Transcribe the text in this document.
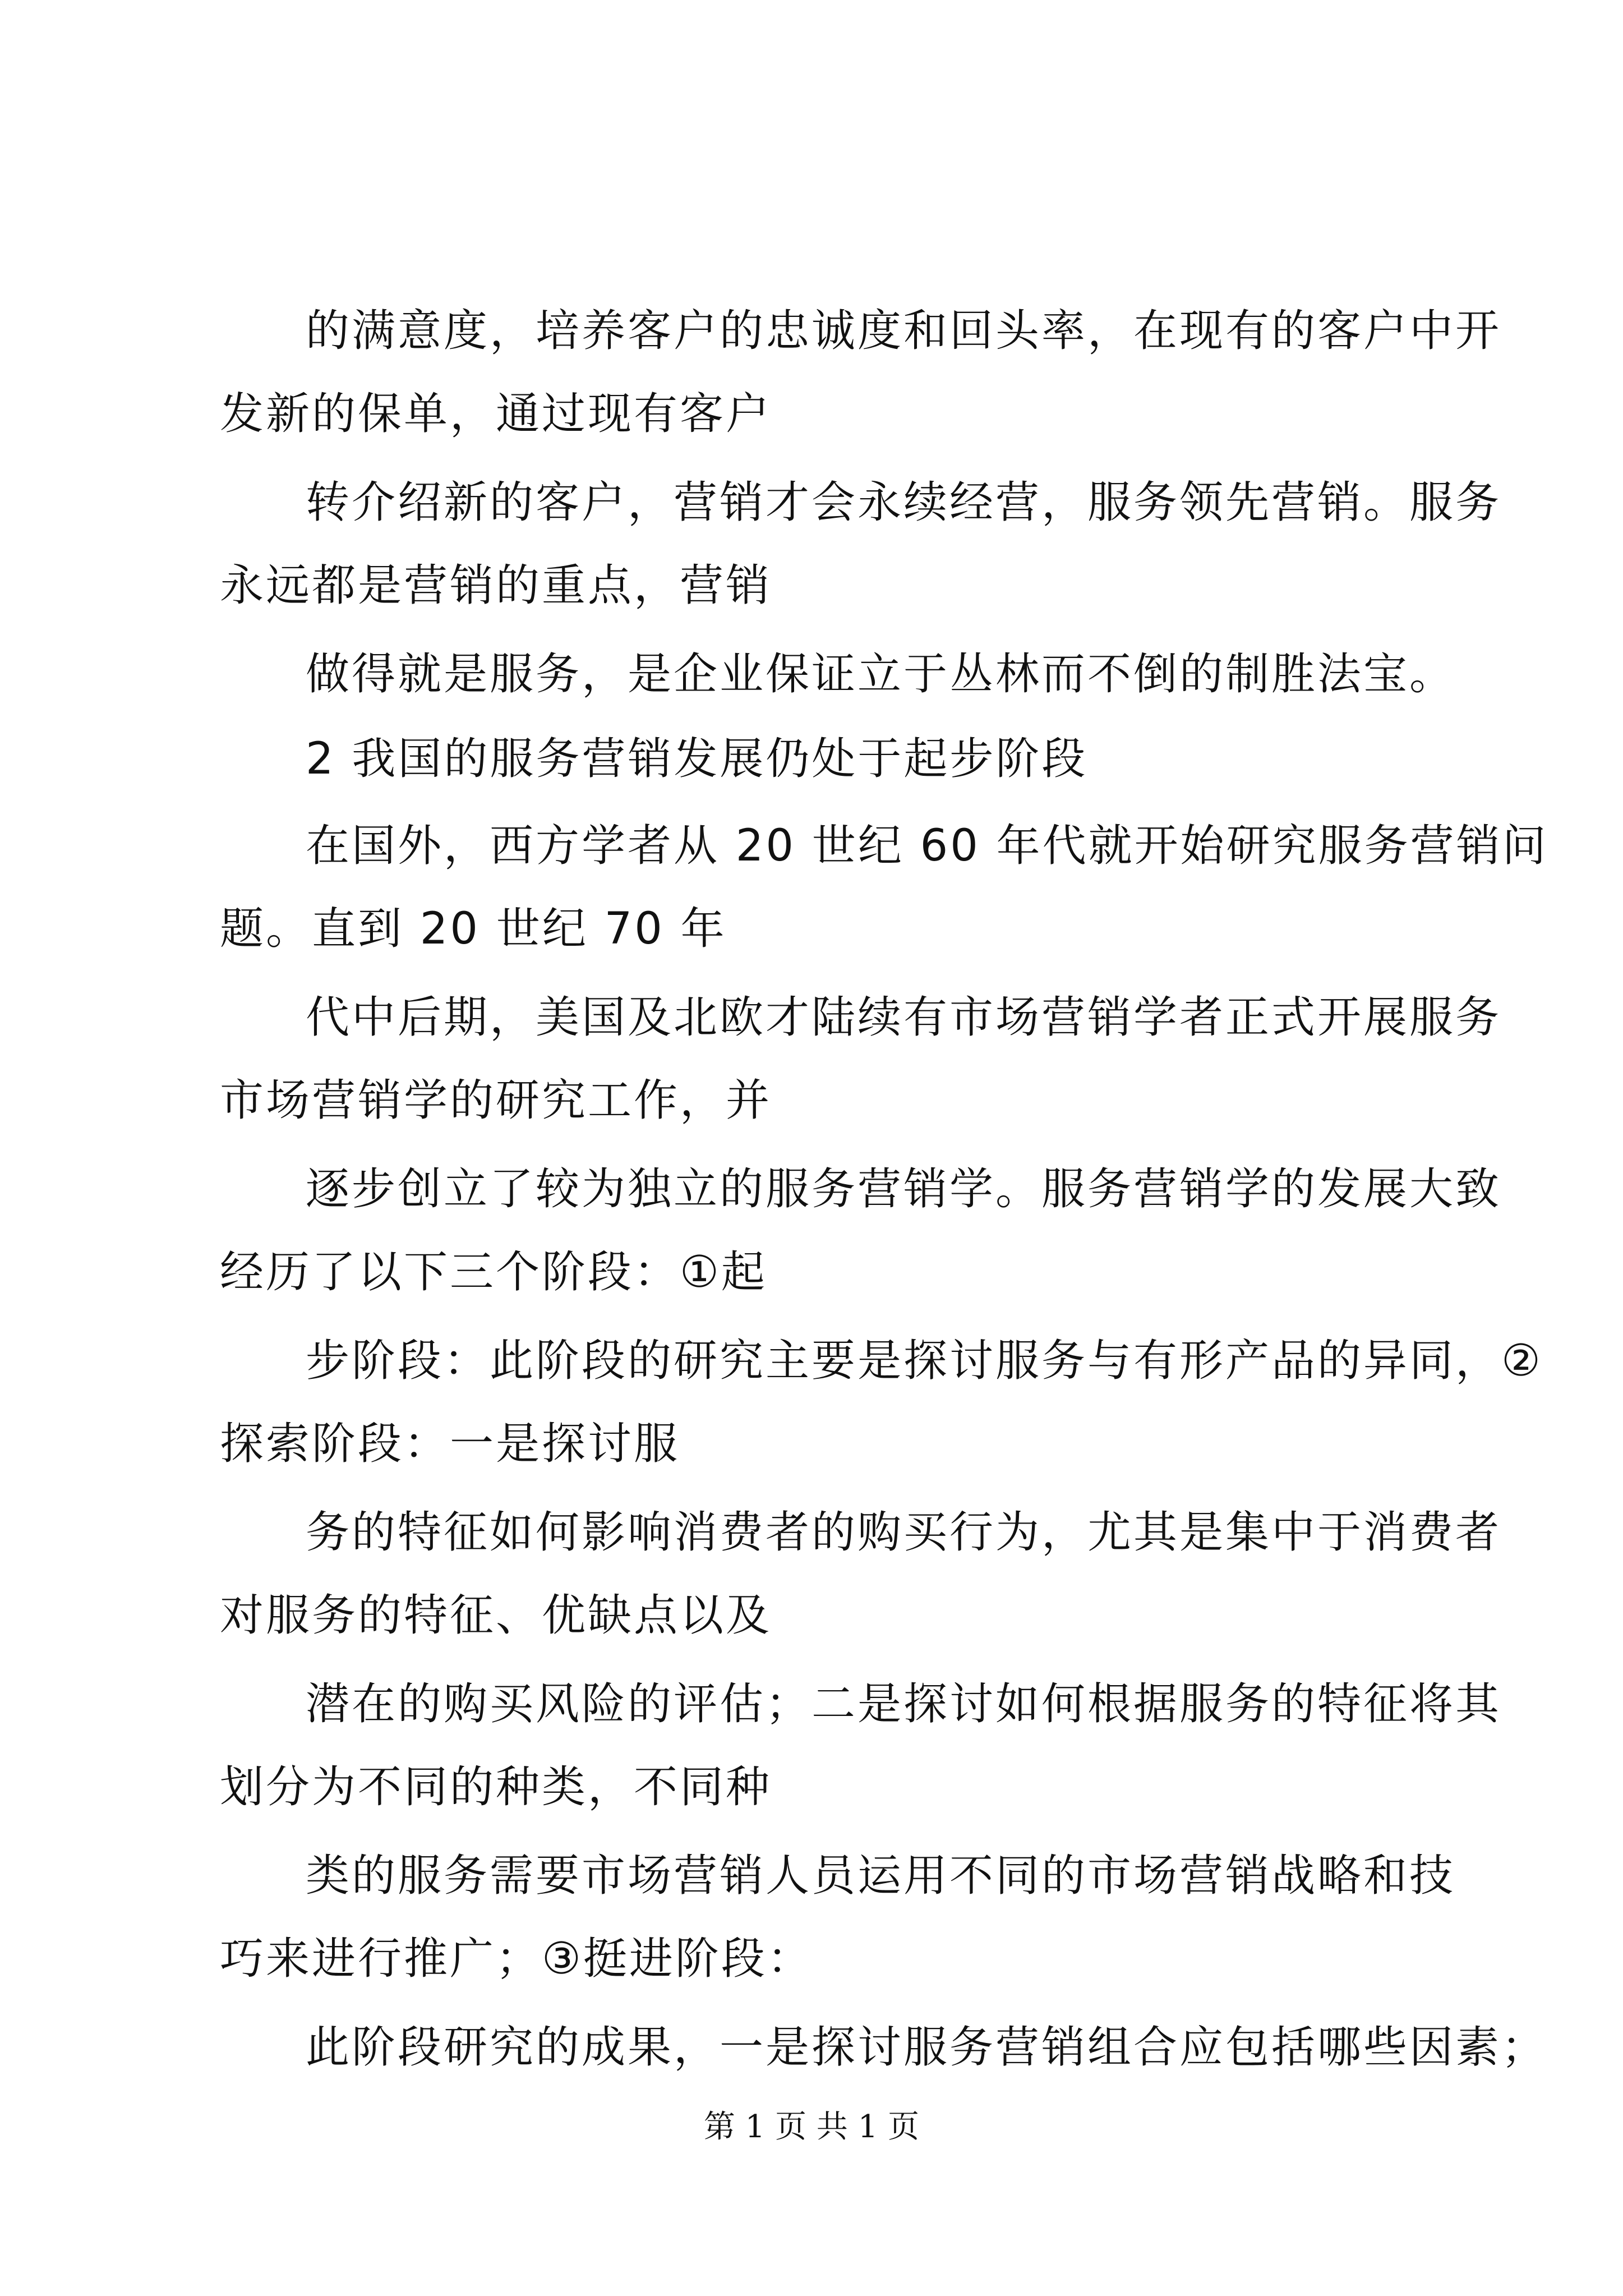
的满意度，培养客户的忠诚度和回头率，在现有的客户中开
发新的保单，通过现有客户
转介绍新的客户，营销才会永续经营，服务领先营销。服务
永远都是营销的重点，营销
做得就是服务，是企业保证立于丛林而不倒的制胜法宝。
2 我国的服务营销发展仍处于起步阶段
在国外，西方学者从 20 世纪 60 年代就开始研究服务营销问
题。直到 20 世纪 70 年
代中后期，美国及北欧才陆续有市场营销学者正式开展服务
市场营销学的研究工作，并
逐步创立了较为独立的服务营销学。服务营销学的发展大致
经历了以下三个阶段：①起
步阶段：此阶段的研究主要是探讨服务与有形产品的异同，②
探索阶段：一是探讨服
务的特征如何影响消费者的购买行为，尤其是集中于消费者
对服务的特征、优缺点以及
潜在的购买风险的评估；二是探讨如何根据服务的特征将其
划分为不同的种类，不同种
类的服务需要市场营销人员运用不同的市场营销战略和技
巧来进行推广；③挺进阶段：
此阶段研究的成果，一是探讨服务营销组合应包括哪些因素；
第 1 页 共 1 页
